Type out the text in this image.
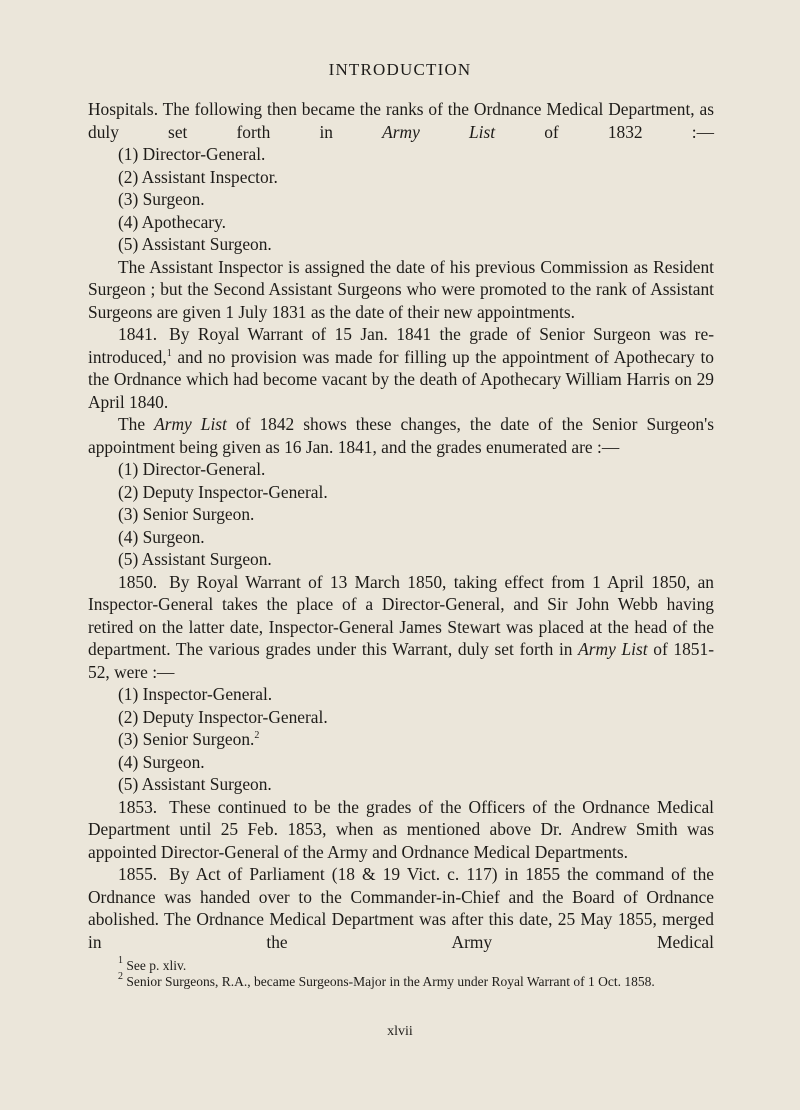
INTRODUCTION

Hospitals. The following then became the ranks of the Ordnance Medical Department, as duly set forth in Army List of 1832 :—

(1) Director-General.
(2) Assistant Inspector.
(3) Surgeon.
(4) Apothecary.
(5) Assistant Surgeon.

The Assistant Inspector is assigned the date of his previous Commission as Resident Surgeon ; but the Second Assistant Surgeons who were promoted to the rank of Assistant Surgeons are given 1 July 1831 as the date of their new appointments.

1841. By Royal Warrant of 15 Jan. 1841 the grade of Senior Surgeon was re-introduced,$^1$ and no provision was made for filling up the appointment of Apothecary to the Ordnance which had become vacant by the death of Apothecary William Harris on 29 April 1840.

The Army List of 1842 shows these changes, the date of the Senior Surgeon's appointment being given as 16 Jan. 1841, and the grades enumerated are :—

(1) Director-General.
(2) Deputy Inspector-General.
(3) Senior Surgeon.
(4) Surgeon.
(5) Assistant Surgeon.

1850. By Royal Warrant of 13 March 1850, taking effect from 1 April 1850, an Inspector-General takes the place of a Director-General, and Sir John Webb having retired on the latter date, Inspector-General James Stewart was placed at the head of the department. The various grades under this Warrant, duly set forth in Army List of 1851-52, were :—

(1) Inspector-General.
(2) Deputy Inspector-General.
(3) Senior Surgeon.$^2$
(4) Surgeon.
(5) Assistant Surgeon.

1853. These continued to be the grades of the Officers of the Ordnance Medical Department until 25 Feb. 1853, when as mentioned above Dr. Andrew Smith was appointed Director-General of the Army and Ordnance Medical Departments.

1855. By Act of Parliament (18 & 19 Vict. c. 117) in 1855 the command of the Ordnance was handed over to the Commander-in-Chief and the Board of Ordnance abolished. The Ordnance Medical Department was after this date, 25 May 1855, merged in the Army Medical

$^1$ See p. xliv.

$^2$ Senior Surgeons, R.A., became Surgeons-Major in the Army under Royal Warrant of 1 Oct. 1858.

xlvii
